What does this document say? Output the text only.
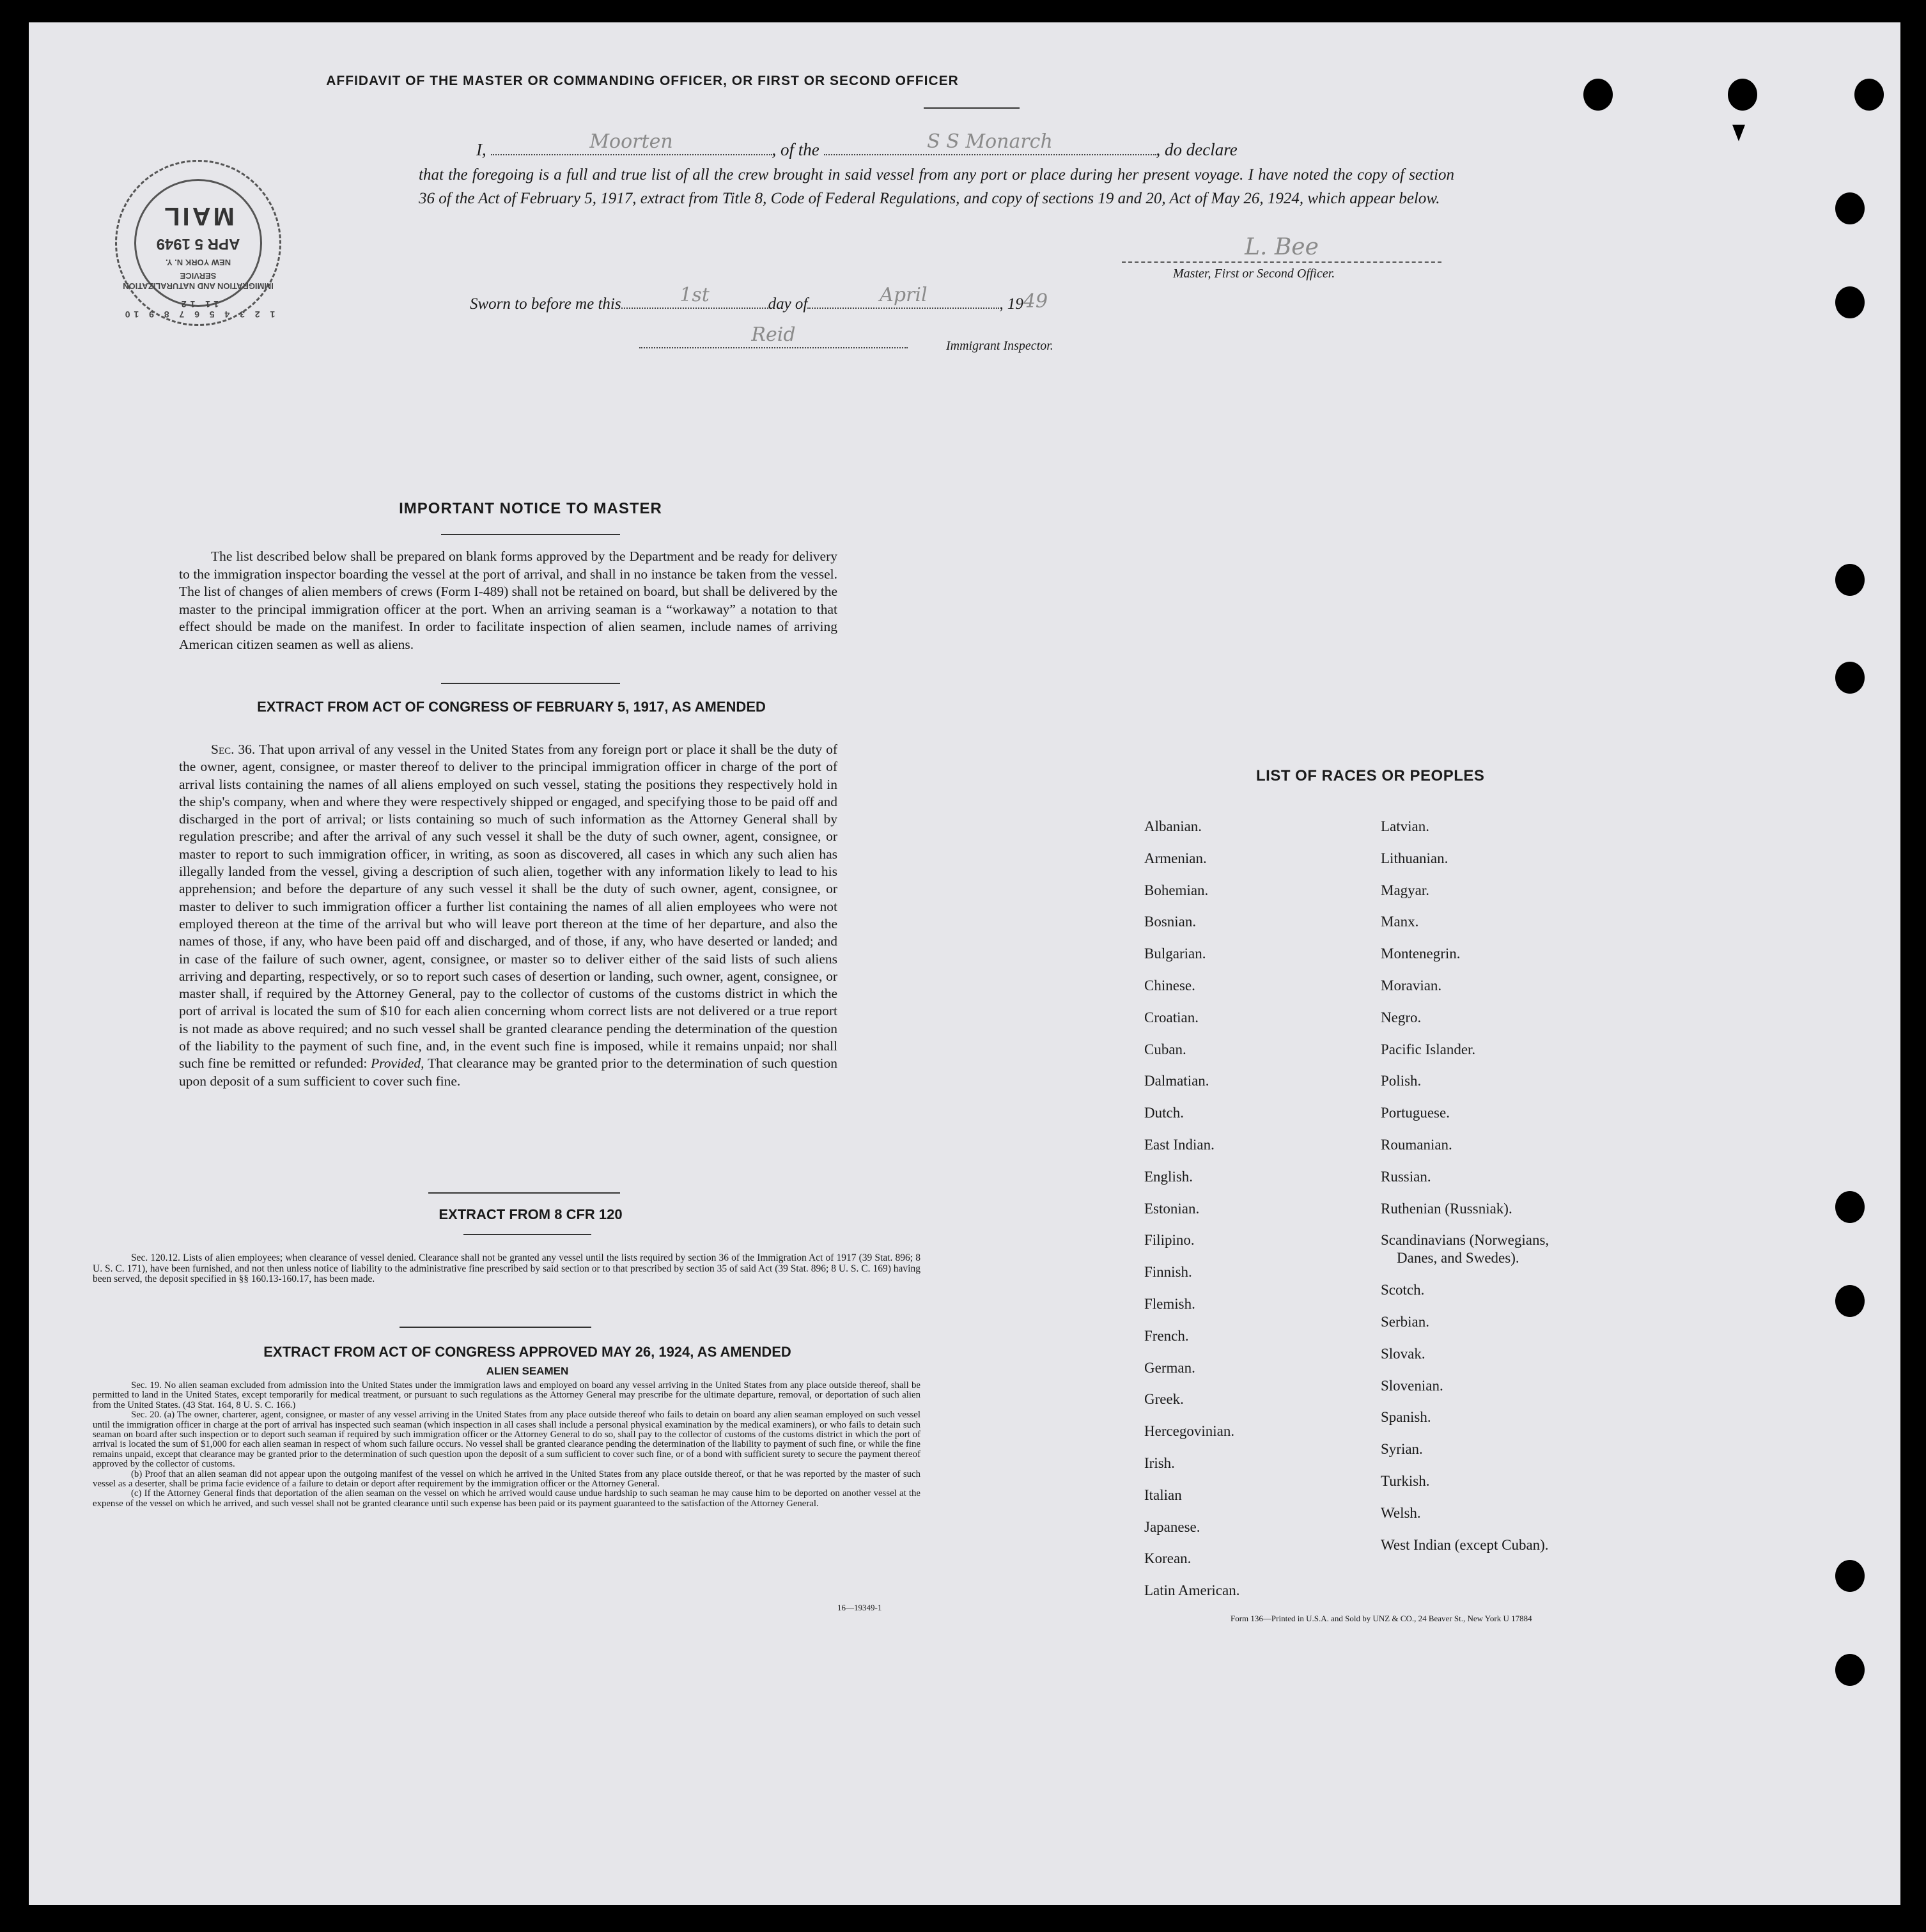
AFFIDAVIT OF THE MASTER OR COMMANDING OFFICER, OR FIRST OR SECOND OFFICER
I,	Moorten	, of the	S S Monarch	, do declare
that the foregoing is a full and true list of all the crew brought in said vessel from any port or place during her present voyage. I have noted the copy of section 36 of the Act of February 5, 1917, extract from Title 8, Code of Federal Regulations, and copy of sections 19 and 20, Act of May 26, 1924, which appear below.
L. Bee
Master, First or Second Officer.
Sworn to before me this	1st	day of	April	, 1949
Reid	Immigrant Inspector.
1 2 3 4 5 6 7 8 9 10 11 12
IMMIGRATION AND NATURALIZATION SERVICE
NEW YORK N. Y.
APR 5 1949
MAIL
IMPORTANT NOTICE TO MASTER
The list described below shall be prepared on blank forms approved by the Department and be ready for delivery to the immigration inspector boarding the vessel at the port of arrival, and shall in no instance be taken from the vessel. The list of changes of alien members of crews (Form I-489) shall not be retained on board, but shall be delivered by the master to the principal immigration officer at the port. When an arriving seaman is a “workaway” a notation to that effect should be made on the manifest. In order to facilitate inspection of alien seamen, include names of arriving American citizen seamen as well as aliens.
EXTRACT FROM ACT OF CONGRESS OF FEBRUARY 5, 1917, AS AMENDED
Sec. 36. That upon arrival of any vessel in the United States from any foreign port or place it shall be the duty of the owner, agent, consignee, or master thereof to deliver to the principal immigration officer in charge of the port of arrival lists containing the names of all aliens employed on such vessel, stating the positions they respectively hold in the ship's company, when and where they were respectively shipped or engaged, and specifying those to be paid off and discharged in the port of arrival; or lists containing so much of such information as the Attorney General shall by regulation prescribe; and after the arrival of any such vessel it shall be the duty of such owner, agent, consignee, or master to report to such immigration officer, in writing, as soon as discovered, all cases in which any such alien has illegally landed from the vessel, giving a description of such alien, together with any information likely to lead to his apprehension; and before the departure of any such vessel it shall be the duty of such owner, agent, consignee, or master to deliver to such immigration officer a further list containing the names of all alien employees who were not employed thereon at the time of the arrival but who will leave port thereon at the time of her departure, and also the names of those, if any, who have been paid off and discharged, and of those, if any, who have deserted or landed; and in case of the failure of such owner, agent, consignee, or master so to deliver either of the said lists of such aliens arriving and departing, respectively, or so to report such cases of desertion or landing, such owner, agent, consignee, or master shall, if required by the Attorney General, pay to the collector of customs of the customs district in which the port of arrival is located the sum of $10 for each alien concerning whom correct lists are not delivered or a true report is not made as above required; and no such vessel shall be granted clearance pending the determination of the question of the liability to the payment of such fine, and, in the event such fine is imposed, while it remains unpaid; nor shall such fine be remitted or refunded: Provided, That clearance may be granted prior to the determination of such question upon deposit of a sum sufficient to cover such fine.
EXTRACT FROM 8 CFR 120
Sec. 120.12. Lists of alien employees; when clearance of vessel denied. Clearance shall not be granted any vessel until the lists required by section 36 of the Immigration Act of 1917 (39 Stat. 896; 8 U. S. C. 171), have been furnished, and not then unless notice of liability to the administrative fine prescribed by said section or to that prescribed by section 35 of said Act (39 Stat. 896; 8 U. S. C. 169) having been served, the deposit specified in §§ 160.13-160.17, has been made.
EXTRACT FROM ACT OF CONGRESS APPROVED MAY 26, 1924, AS AMENDED
ALIEN SEAMEN
Sec. 19. No alien seaman excluded from admission into the United States under the immigration laws and employed on board any vessel arriving in the United States from any place outside thereof, shall be permitted to land in the United States, except temporarily for medical treatment, or pursuant to such regulations as the Attorney General may prescribe for the ultimate departure, removal, or deportation of such alien from the United States. (43 Stat. 164, 8 U. S. C. 166.)
Sec. 20. (a) The owner, charterer, agent, consignee, or master of any vessel arriving in the United States from any place outside thereof who fails to detain on board any alien seaman employed on such vessel until the immigration officer in charge at the port of arrival has inspected such seaman (which inspection in all cases shall include a personal physical examination by the medical examiners), or who fails to detain such seaman on board after such inspection or to deport such seaman if required by such immigration officer or the Attorney General to do so, shall pay to the collector of customs of the customs district in which the port of arrival is located the sum of $1,000 for each alien seaman in respect of whom such failure occurs. No vessel shall be granted clearance pending the determination of the liability to payment of such fine, or while the fine remains unpaid, except that clearance may be granted prior to the determination of such question upon the deposit of a sum sufficient to cover such fine, or of a bond with sufficient surety to secure the payment thereof approved by the collector of customs.
(b) Proof that an alien seaman did not appear upon the outgoing manifest of the vessel on which he arrived in the United States from any place outside thereof, or that he was reported by the master of such vessel as a deserter, shall be prima facie evidence of a failure to detain or deport after requirement by the immigration officer or the Attorney General.
(c) If the Attorney General finds that deportation of the alien seaman on the vessel on which he arrived would cause undue hardship to such seaman he may cause him to be deported on another vessel at the expense of the vessel on which he arrived, and such vessel shall not be granted clearance until such expense has been paid or its payment guaranteed to the satisfaction of the Attorney General.
16—19349-1
LIST OF RACES OR PEOPLES
Albanian.
Armenian.
Bohemian.
Bosnian.
Bulgarian.
Chinese.
Croatian.
Cuban.
Dalmatian.
Dutch.
East Indian.
English.
Estonian.
Filipino.
Finnish.
Flemish.
French.
German.
Greek.
Hercegovinian.
Irish.
Italian
Japanese.
Korean.
Latin American.
Latvian.
Lithuanian.
Magyar.
Manx.
Montenegrin.
Moravian.
Negro.
Pacific Islander.
Polish.
Portuguese.
Roumanian.
Russian.
Ruthenian (Russniak).
Scandinavians (Norwegians,
Danes, and Swedes).
Scotch.
Serbian.
Slovak.
Slovenian.
Spanish.
Syrian.
Turkish.
Welsh.
West Indian (except Cuban).
Form 136—Printed in U.S.A. and Sold by UNZ & CO., 24 Beaver St., New York U 17884
